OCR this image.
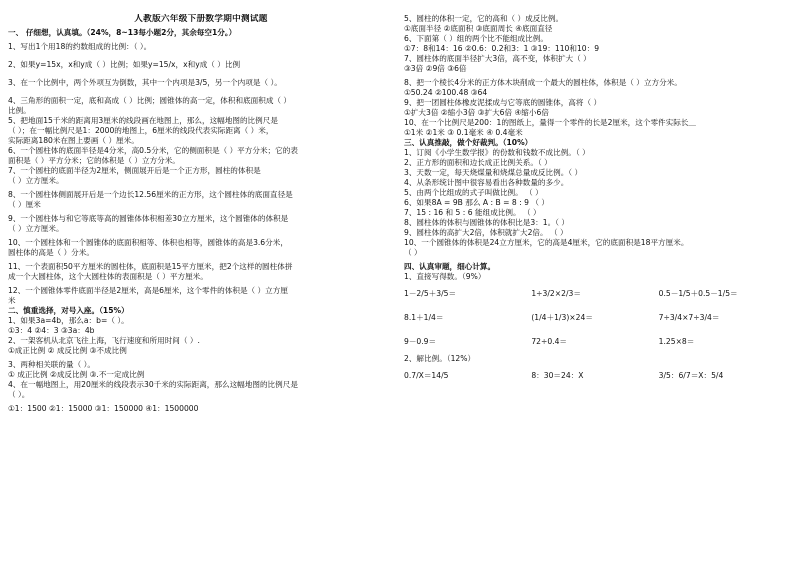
人教版六年级下册数学期中测试题

一、 仔细想，认真填。（24%，8~13每小题2分，其余每空1分。）

1、写出1个用18的约数组成的比例：（ ）。

2、如果y=15x，x和y成（ ）比例；如果y=15/x，x和y成（ ）比例

3、在一个比例中，两个外项互为倒数，其中一个内项是3/5，另一个内项是（ ）。

4、三角形的面积一定，底和高成（ ）比例；圆锥体的高一定，体积和底面积成（ ）

比例。

5、把地面15千米的距离用3厘米的线段画在地图上，那么，这幅地图的比例尺是

（ ）；在一幅比例尺是1：2000的地图上，6厘米的线段代表实际距离（ ）米，

实际距离180米在图上要画（ ）厘米。

6、一个圆柱体的底面半径是4分米，高0.5分米，它的侧面积是（ ）平方分米；它的表

面积是（ ）平方分米；它的体积是（ ）立方分米。

7、一个圆柱的底面半径为2厘米，侧面展开后是一个正方形，圆柱的体积是

（ ）立方厘米。

8、一个圆柱体侧面展开后是一个边长12.56厘米的正方形，这个圆柱体的底面直径是

（ ）厘米

9、一个圆柱体与和它等底等高的圆锥体体积相差30立方厘米，这个圆锥体的体积是

（ ）立方厘米。

10、一个圆柱体和一个圆锥体的底面积相等、体积也相等，圆锥体的高是3.6分米，

圆柱体的高是（ ）分米。

11、一个表面积50平方厘米的圆柱体，底面积是15平方厘米，把2个这样的圆柱体拼

成一个大圆柱体，这个大圆柱体的表面积是（ ）平方厘米。

12、一个圆锥体零件底面半径是2厘米，高是6厘米，这个零件的体积是（ ）立方厘

米

二、慎重选择，对号入座。（15%）

1、如果3a=4b，那么a：b=（ ）。

①3：4 ②4：3 ③3a：4b

2、一架客机从北京飞往上海，飞行速度和所用时间（ ）.

①成正比例 ② 成反比例 ③不成比例

3、两种相关联的量（ ）。

① 成正比例 ②成反比例 ③.不一定成比例

4、在一幅地图上，用20厘米的线段表示30千米的实际距离，那么这幅地图的比例尺是

（ ）。

①1：1500 ②1：15000 ③1：150000 ④1：1500000

5、圆柱的体积一定，它的高和（ ）成反比例。

①底面半径 ②底面积 ③底面周长 ④底面直径

6、下面第（ ）组的两个比不能组成比例。

①7：8和14：16 ②0.6：0.2和3：1 ③19：110和10：9

7、圆柱体的底面半径扩大3倍，高不变，体积扩大（ ）

③3倍 ②9倍 ③6倍

8、把一个棱长4分米的正方体木块削成一个最大的圆柱体，体积是（ ）立方分米。

①50.24 ②100.48 ③64

9、把一团圆柱体橡皮泥揉成与它等底的圆锥体，高将（ ）

①扩大3倍 ②缩小3倍 ③扩大6倍 ④缩小6倍

10、在一个比例尺是200：1的图纸上，量得一个零件的长是2厘米，这个零件实际长＿

①1米 ②1米 ③ 0.1毫米 ④ 0.4毫米

三、认真推敲，做个好裁判。（10%）

1、订阅《小学生数学报》的份数和钱数不成比例。（ ）

2、正方形的面积和边长成正比例关系。（ ）

3、天数一定，每天烧煤量和烧煤总量成反比例。（ ）

4、从条形统计图中很容易看出各种数量的多少。

5、由两个比组成的式子叫做比例。 （ ）

6、如果8A = 9B 那么 A : B = 8 : 9 （ ）

7、15 : 16 和 5 : 6 能组成比例。 （ ）

8、圆柱体的体积与圆锥体的体积比是3：1。（ ）

9、圆柱体的高扩大2倍，体积就扩大2倍。 （ ）

10、一个圆锥体的体积是24立方厘米，它的高是4厘米，它的底面积是18平方厘米。

（ ）

四、认真审题，细心计算。

1、直接写得数。（9%）

1－2/5＋3/5＝	1÷3/2×2/3＝	0.5－1/5＋0.5－1/5＝
8.1＋1/4＝	(1/4＋1/3)×24＝	7÷3/4×7÷3/4＝
9－0.9＝	72÷0.4＝	1.25×8＝

2、解比例。（12%）

0.7/X＝14/5	8：30＝24：X	3/5：6/7＝X：5/4
